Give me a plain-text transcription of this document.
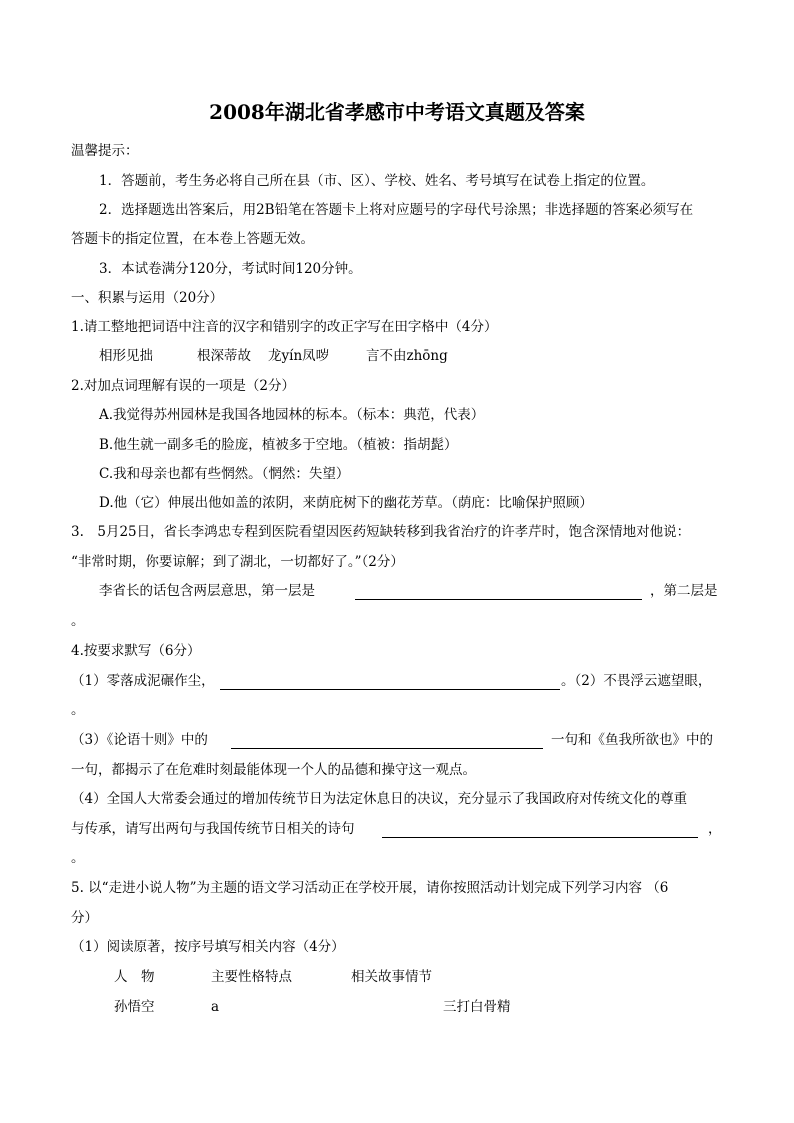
2008年湖北省孝感市中考语文真题及答案
温馨提示：
1．答题前，考生务必将自己所在县（市、区）、学校、姓名、考号填写在试卷上指定的位置。
2．选择题选出答案后，用2B铅笔在答题卡上将对应题号的字母代号涂黑；非选择题的答案必须写在
答题卡的指定位置，在本卷上答题无效。
3．本试卷满分120分，考试时间120分钟。
一、积累与运用（20分）
1.请工整地把词语中注音的汉字和错别字的改正字写在田字格中（4分）
相形见拙	根深蒂故 龙yín凤哕	言不由zhōng
2.对加点词理解有误的一项是（2分）
A.我觉得苏州园林是我国各地园林的标本。（标本：典范，代表）
B.他生就一副多毛的脸庞，植被多于空地。（植被：指胡髭）
C.我和母亲也都有些惘然。（惘然：失望）
D.他（它）伸展出他如盖的浓阴，来荫庇树下的幽花芳草。（荫庇：比喻保护照顾）
3.　5月25日，省长李鸿忠专程到医院看望因医药短缺转移到我省治疗的许孝芹时，饱含深情地对他说：
“非常时期，你要谅解；到了湖北，一切都好了。”（2分）
李省长的话包含两层意思，第一层是	，第二层是
。
4.按要求默写（6分）
（1）零落成泥碾作尘，	。（2）不畏浮云遮望眼，
。
（3）《论语十则》中的	一句和《鱼我所欲也》中的
一句，都揭示了在危难时刻最能体现一个人的品德和操守这一观点。
（4）全国人大常委会通过的增加传统节日为法定休息日的决议，充分显示了我国政府对传统文化的尊重
与传承，请写出两句与我国传统节日相关的诗句	，
。
5. 以“走进小说人物”为主题的语文学习活动正在学校开展，请你按照活动计划完成下列学习内容 （6
分）
（1）阅读原著，按序号填写相关内容（4分）
人　物	主要性格特点	相关故事情节
孙悟空	a	三打白骨精
